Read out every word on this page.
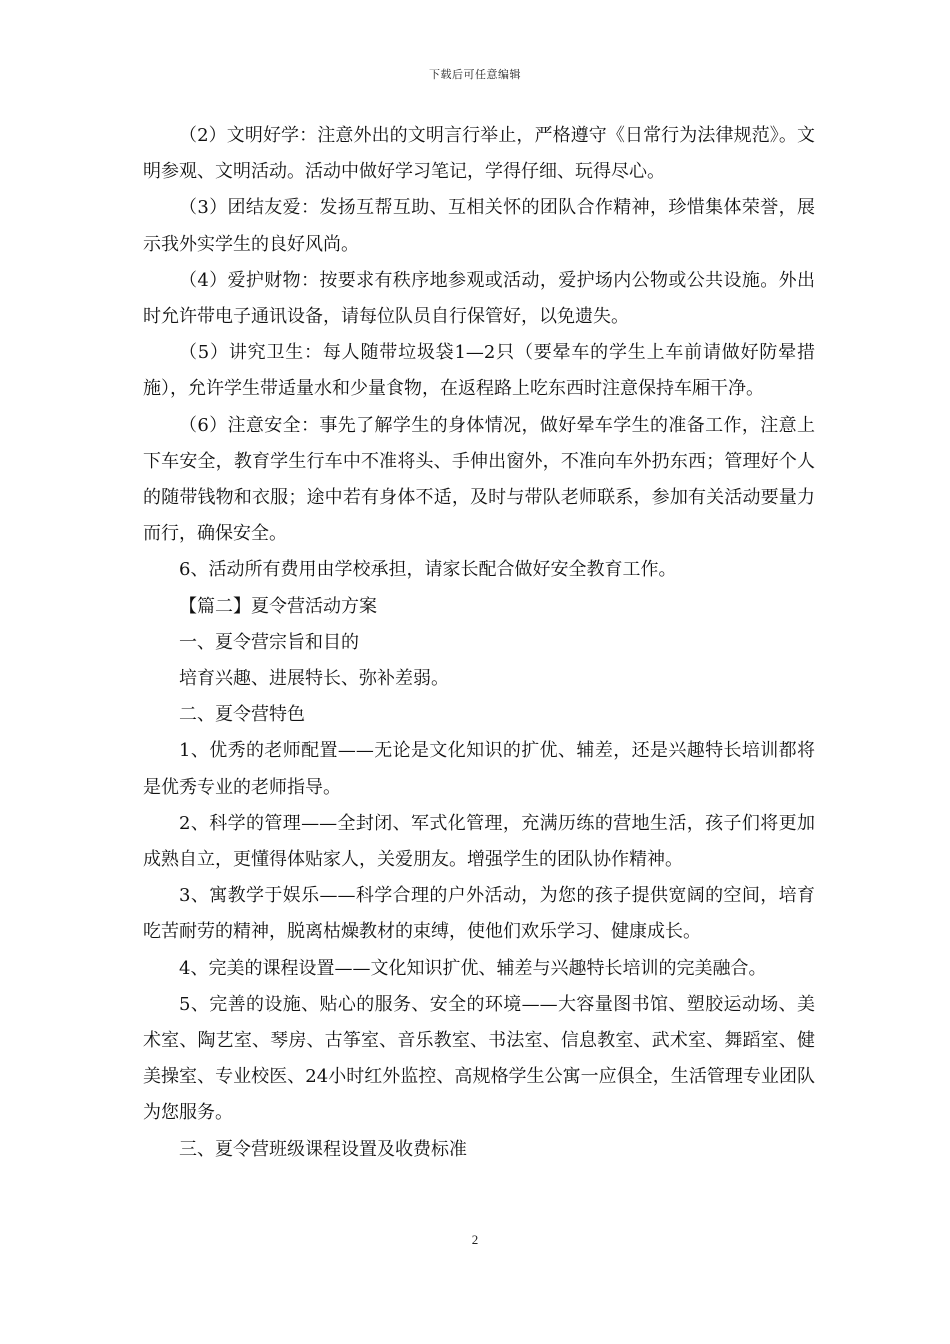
下载后可任意编辑

（2）文明好学：注意外出的文明言行举止，严格遵守《日常行为法律规范》。文明参观、文明活动。活动中做好学习笔记，学得仔细、玩得尽心。

（3）团结友爱：发扬互帮互助、互相关怀的团队合作精神，珍惜集体荣誉，展示我外实学生的良好风尚。

（4）爱护财物：按要求有秩序地参观或活动，爱护场内公物或公共设施。外出时允许带电子通讯设备，请每位队员自行保管好，以免遗失。

（5）讲究卫生：每人随带垃圾袋1—2只（要晕车的学生上车前请做好防晕措施），允许学生带适量水和少量食物，在返程路上吃东西时注意保持车厢干净。

（6）注意安全：事先了解学生的身体情况，做好晕车学生的准备工作，注意上下车安全，教育学生行车中不准将头、手伸出窗外，不准向车外扔东西；管理好个人的随带钱物和衣服；途中若有身体不适，及时与带队老师联系，参加有关活动要量力而行，确保安全。

6、活动所有费用由学校承担，请家长配合做好安全教育工作。

【篇二】夏令营活动方案

一、夏令营宗旨和目的

培育兴趣、进展特长、弥补差弱。

二、夏令营特色

1、优秀的老师配置——无论是文化知识的扩优、辅差，还是兴趣特长培训都将是优秀专业的老师指导。

2、科学的管理——全封闭、军式化管理，充满历练的营地生活，孩子们将更加成熟自立，更懂得体贴家人，关爱朋友。增强学生的团队协作精神。

3、寓教学于娱乐——科学合理的户外活动，为您的孩子提供宽阔的空间，培育吃苦耐劳的精神，脱离枯燥教材的束缚，使他们欢乐学习、健康成长。

4、完美的课程设置——文化知识扩优、辅差与兴趣特长培训的完美融合。

5、完善的设施、贴心的服务、安全的环境——大容量图书馆、塑胶运动场、美术室、陶艺室、琴房、古筝室、音乐教室、书法室、信息教室、武术室、舞蹈室、健美操室、专业校医、24小时红外监控、高规格学生公寓一应俱全，生活管理专业团队为您服务。

三、夏令营班级课程设置及收费标准

2
